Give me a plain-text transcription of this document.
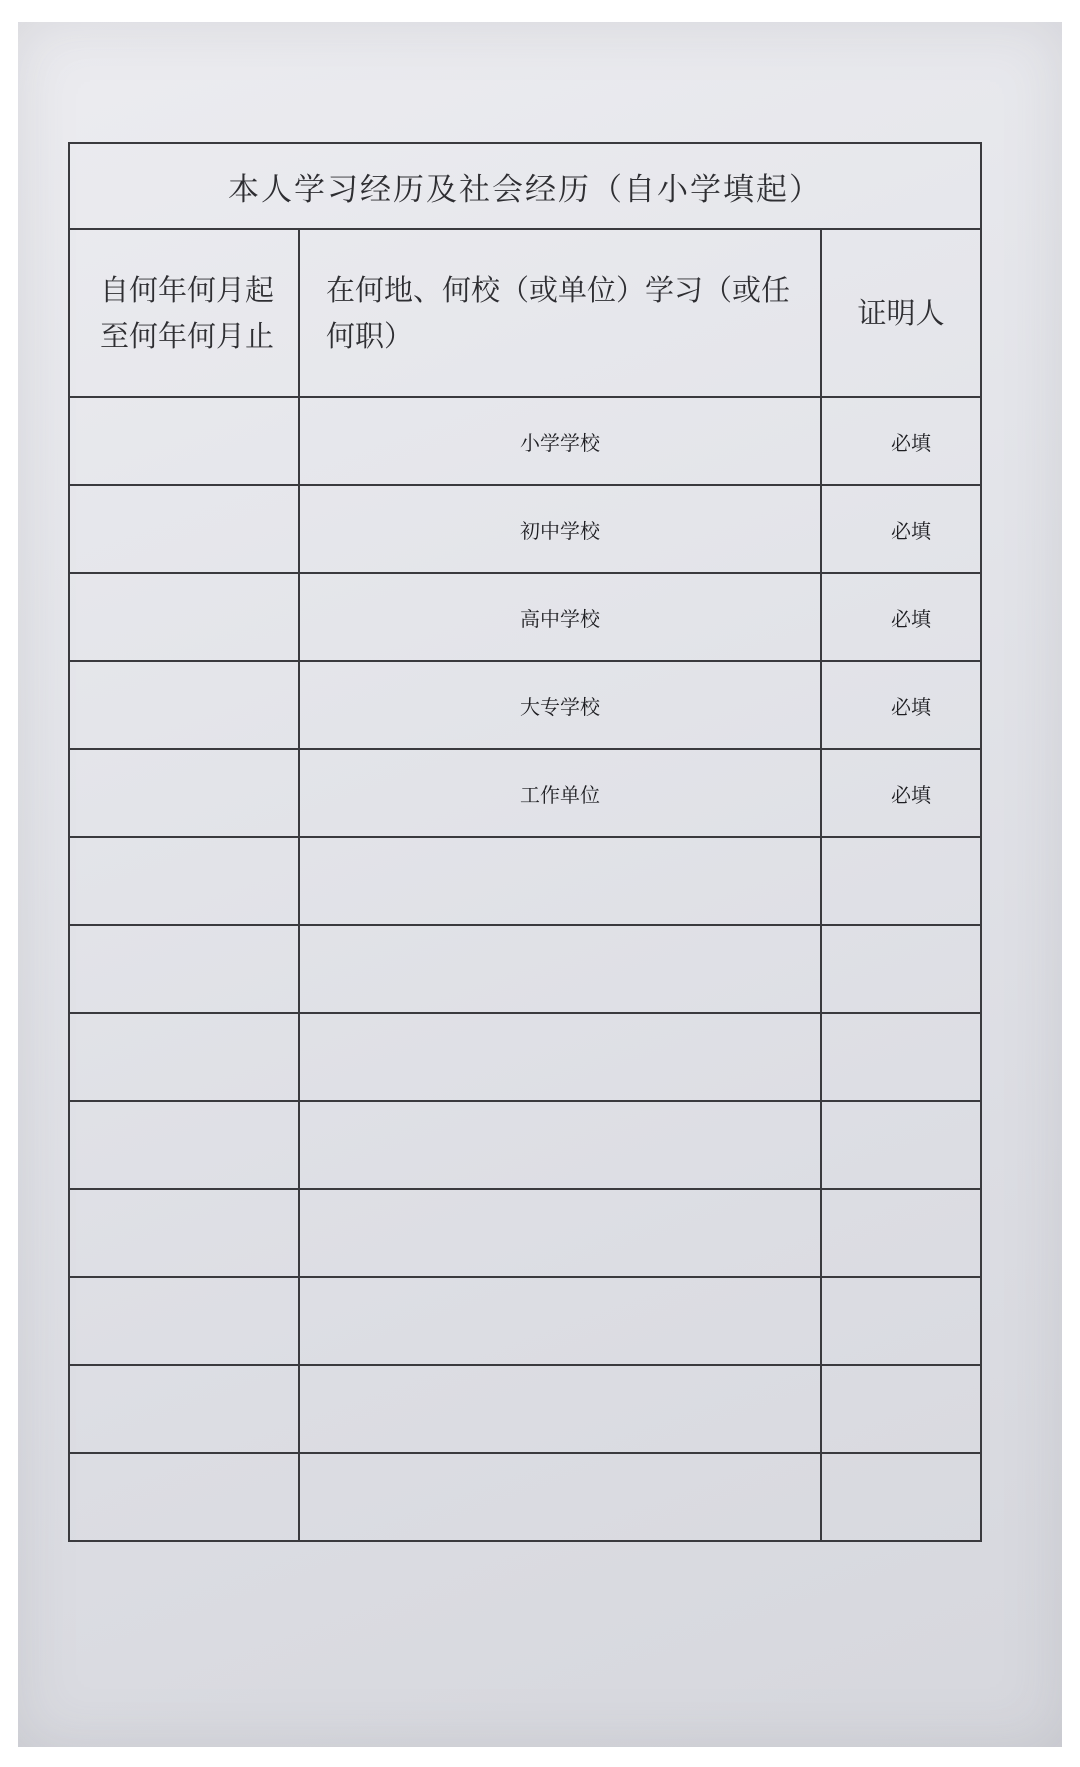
本人学习经历及社会经历（自小学填起）		
自何年何月起至何年何月止	在何地、何校（或单位）学习（或任何职）	证明人
	小学学校	必填
	初中学校	必填
	高中学校	必填
	大专学校	必填
	工作单位	必填
